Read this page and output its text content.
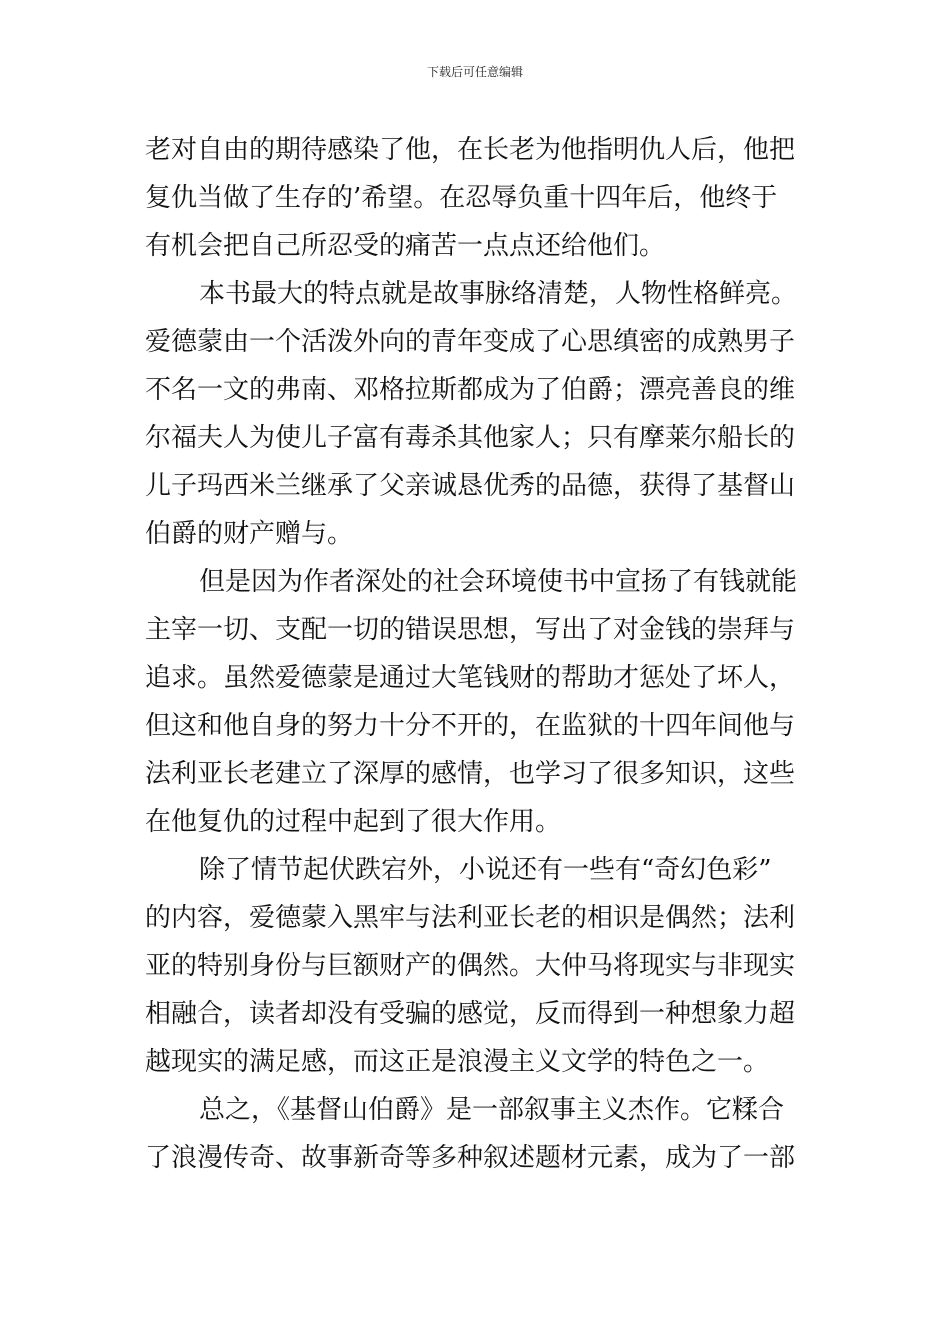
下载后可任意编辑
老对自由的期待感染了他，在长老为他指明仇人后，他把
复仇当做了生存的’希望。在忍辱负重十四年后，他终于
有机会把自己所忍受的痛苦一点点还给他们。
本书最大的特点就是故事脉络清楚，人物性格鲜亮。
爱德蒙由一个活泼外向的青年变成了心思缜密的成熟男子
不名一文的弗南、邓格拉斯都成为了伯爵；漂亮善良的维
尔福夫人为使儿子富有毒杀其他家人；只有摩莱尔船长的
儿子玛西米兰继承了父亲诚恳优秀的品德，获得了基督山
伯爵的财产赠与。
但是因为作者深处的社会环境使书中宣扬了有钱就能
主宰一切、支配一切的错误思想，写出了对金钱的崇拜与
追求。虽然爱德蒙是通过大笔钱财的帮助才惩处了坏人，
但这和他自身的努力十分不开的，在监狱的十四年间他与
法利亚长老建立了深厚的感情，也学习了很多知识，这些
在他复仇的过程中起到了很大作用。
除了情节起伏跌宕外，小说还有一些有“奇幻色彩”
的内容，爱德蒙入黑牢与法利亚长老的相识是偶然；法利
亚的特别身份与巨额财产的偶然。大仲马将现实与非现实
相融合，读者却没有受骗的感觉，反而得到一种想象力超
越现实的满足感，而这正是浪漫主义文学的特色之一。
总之，《基督山伯爵》是一部叙事主义杰作。它糅合
了浪漫传奇、故事新奇等多种叙述题材元素，成为了一部
